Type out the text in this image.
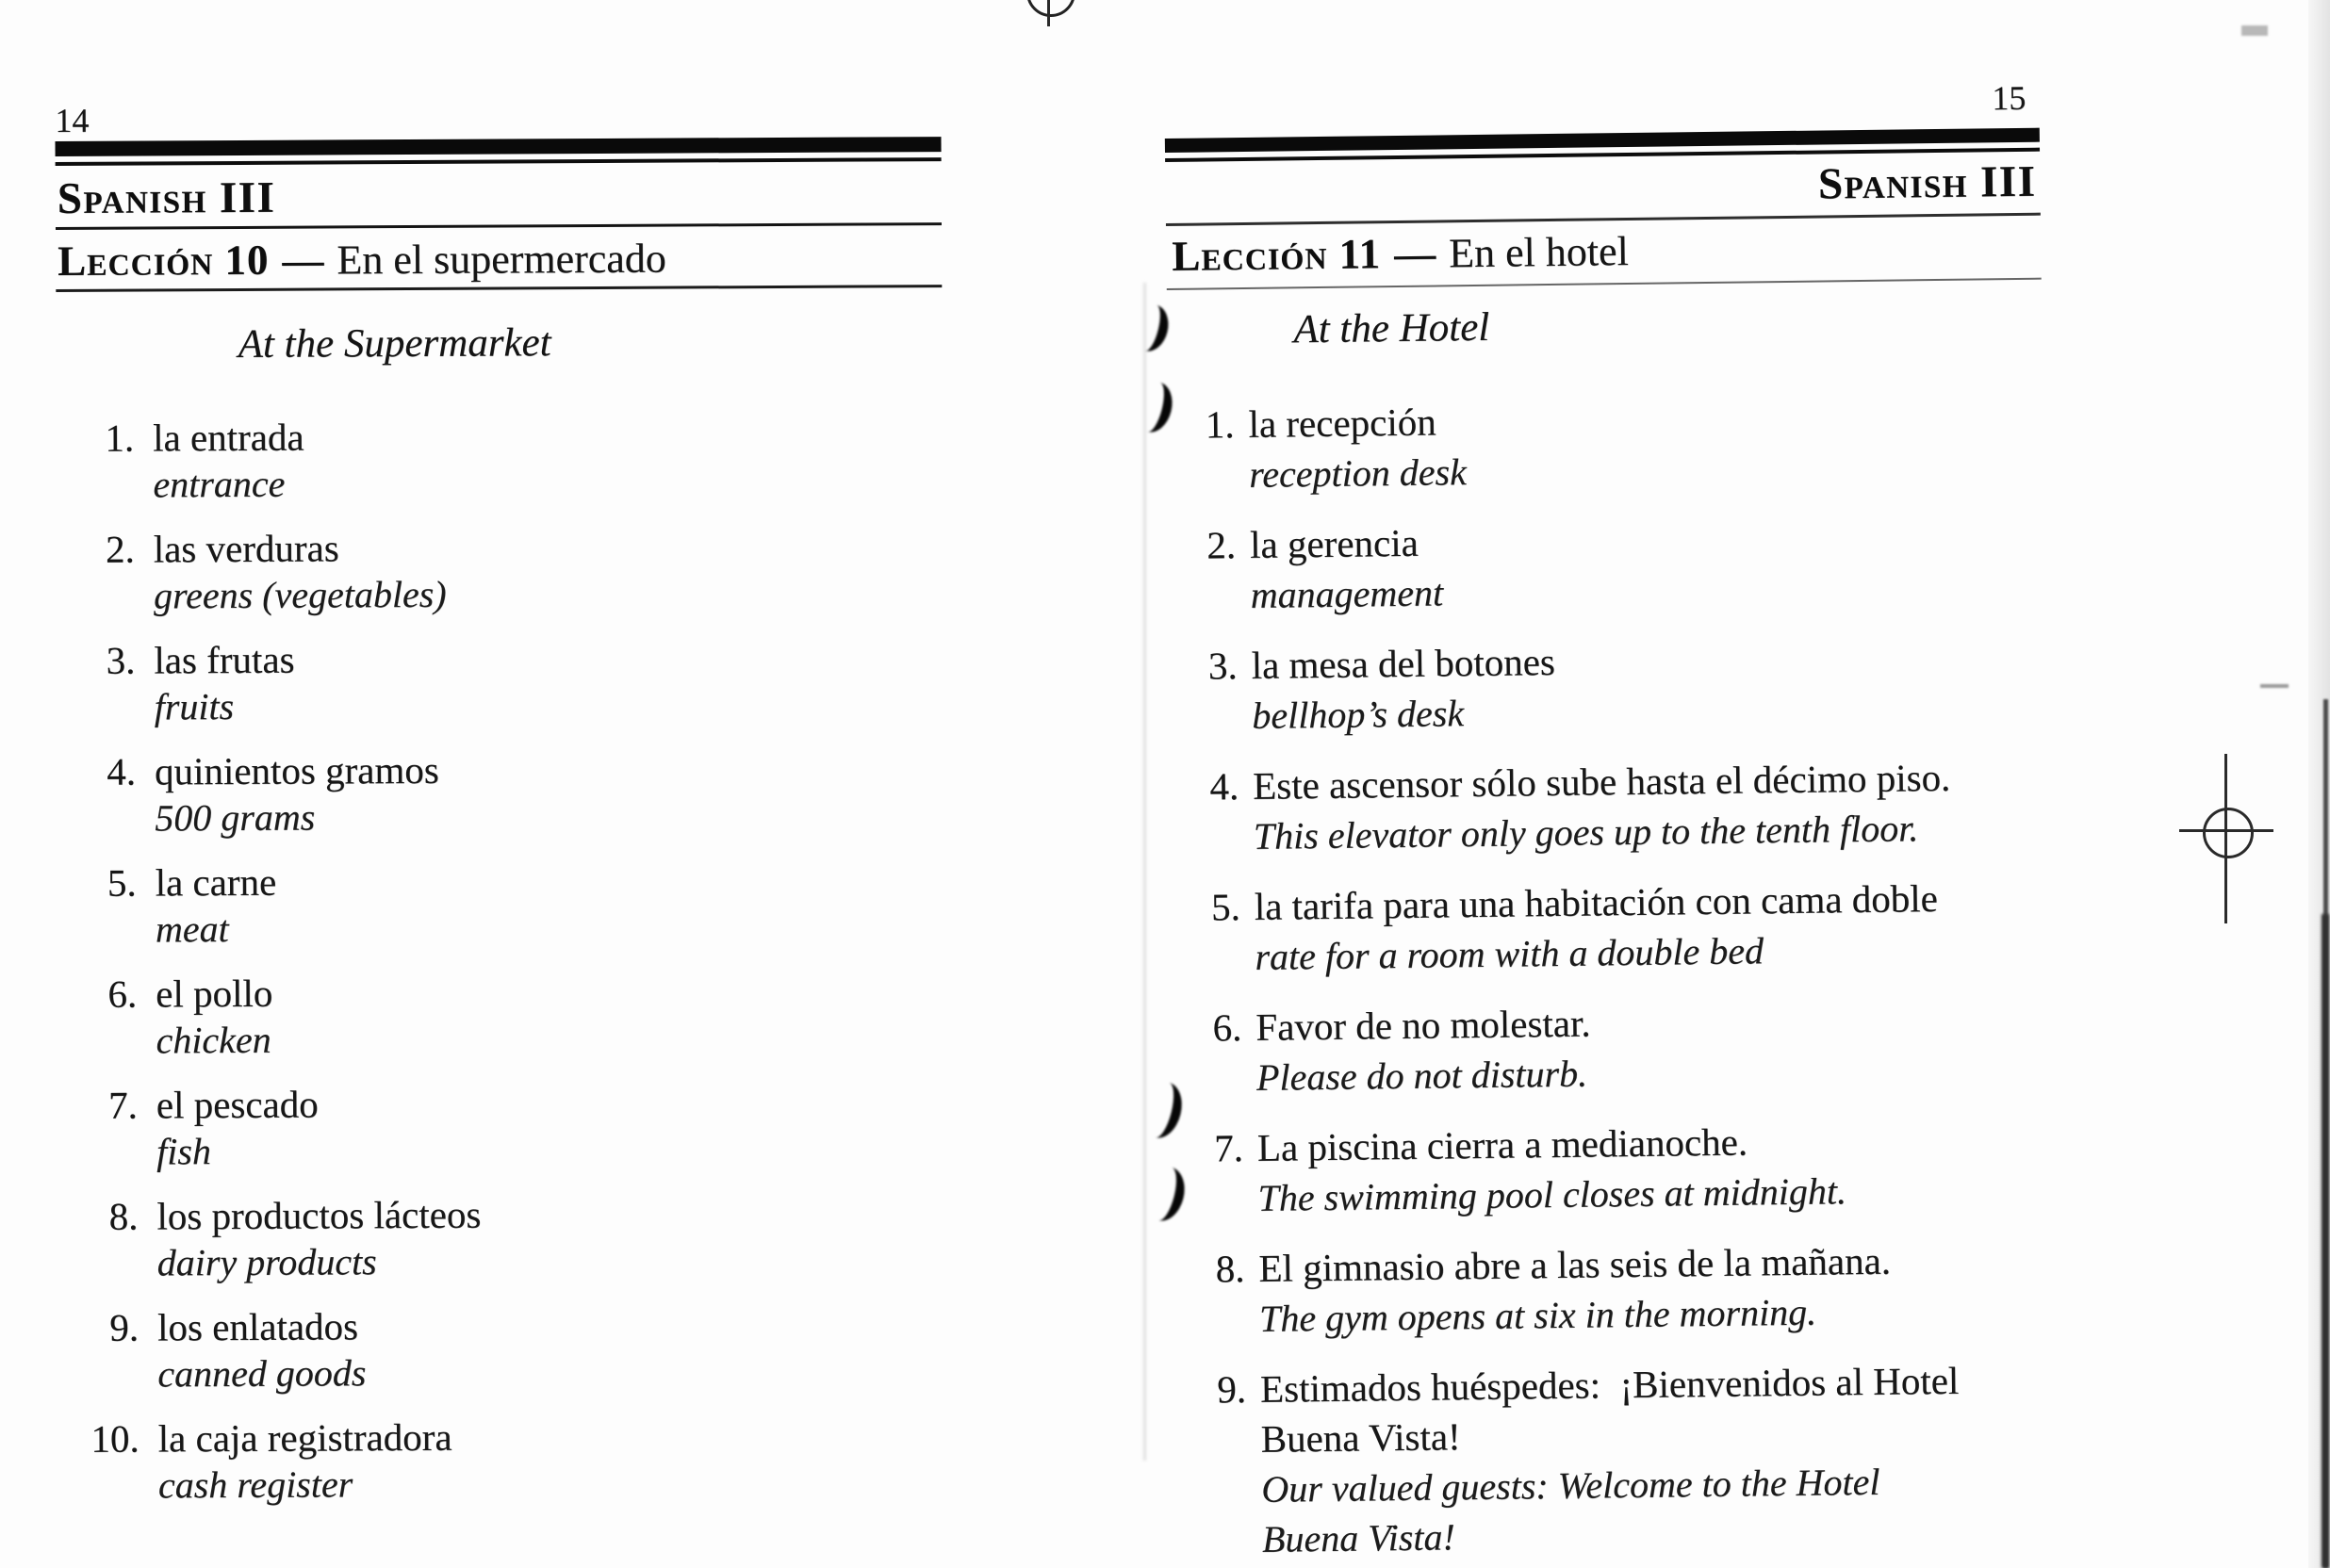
14
Spanish III
Lección 10 — En el supermercado
At the Supermarket
1. la entrada
entrance
2. las verduras
greens (vegetables)
3. las frutas
fruits
4. quinientos gramos
500 grams
5. la carne
meat
6. el pollo
chicken
7. el pescado
fish
8. los productos lácteos
dairy products
9. los enlatados
canned goods
10. la caja registradora
cash register
15
Spanish III
Lección 11 — En el hotel
At the Hotel
1. la recepción
reception desk
2. la gerencia
management
3. la mesa del botones
bellhop’s desk
4. Este ascensor sólo sube hasta el décimo piso.
This elevator only goes up to the tenth floor.
5. la tarifa para una habitación con cama doble
rate for a room with a double bed
6. Favor de no molestar.
Please do not disturb.
7. La piscina cierra a medianoche.
The swimming pool closes at midnight.
8. El gimnasio abre a las seis de la mañana.
The gym opens at six in the morning.
9. Estimados huéspedes:  ¡Bienvenidos al Hotel
Buena Vista!
Our valued guests: Welcome to the Hotel
Buena Vista!
